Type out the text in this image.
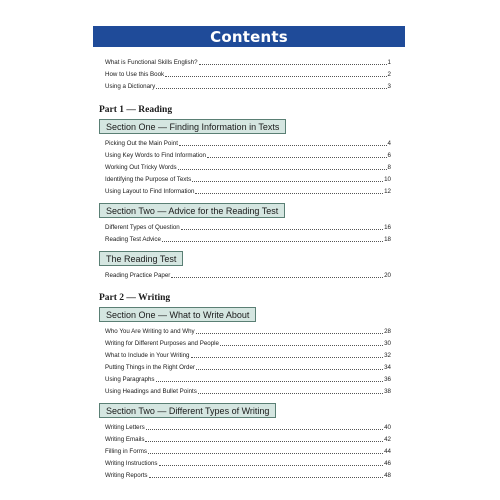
Contents
What is Functional Skills English?	1
How to Use this Book	2
Using a Dictionary	3
Part 1 — Reading
Section One — Finding Information in Texts
Picking Out the Main Point	4
Using Key Words to Find Information	6
Working Out Tricky Words	8
Identifying the Purpose of Texts	10
Using Layout to Find Information	12
Section Two — Advice for the Reading Test
Different Types of Question	16
Reading Test Advice	18
The Reading Test
Reading Practice Paper	20
Part 2 — Writing
Section One — What to Write About
Who You Are Writing to and Why	28
Writing for Different Purposes and People	30
What to Include in Your Writing	32
Putting Things in the Right Order	34
Using Paragraphs	36
Using Headings and Bullet Points	38
Section Two — Different Types of Writing
Writing Letters	40
Writing Emails	42
Filling in Forms	44
Writing Instructions	46
Writing Reports	48
